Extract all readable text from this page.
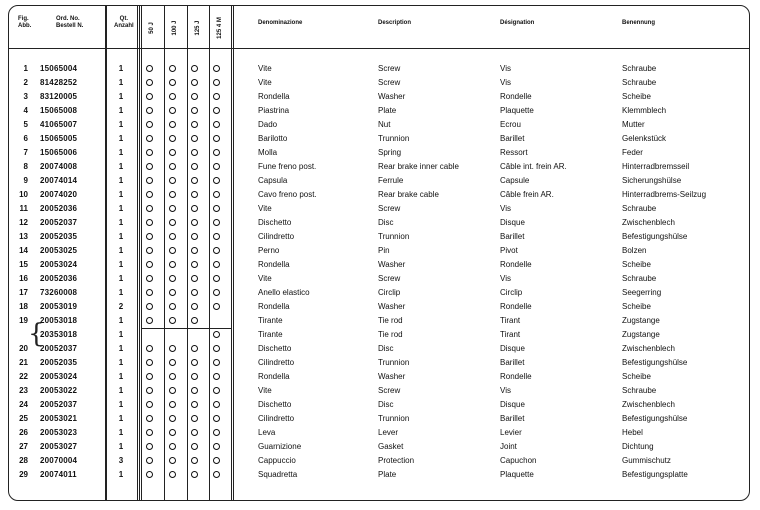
Fig.
Abb.
Ord. No.
Bestell N.
Qt.
Anzahl	50 J	100 J	125 J	125 4 M	Denominazione	Description	Désignation	Benennung
{
1 15065004	1	Vite	Screw	Vis	Schraube
2 81428252	1	Vite	Screw	Vis	Schraube
3 83120005	1	Rondella	Washer	Rondelle	Scheibe
4 15065008	1	Piastrina	Plate	Plaquette	Klemmblech
5 41065007	1	Dado	Nut	Ecrou	Mutter
6 15065005	1	Barilotto	Trunnion	Barillet	Gelenkstück
7 15065006	1	Molla	Spring	Ressort	Feder
8 20074008	1	Fune freno post.	Rear brake inner cable	Câble int. frein AR.	Hinterradbremsseil
9 20074014	1	Capsula	Ferrule	Capsule	Sicherungshülse
10 20074020	1	Cavo freno post.	Rear brake cable	Câble frein AR.	Hinterradbrems-Seilzug
11 20052036	1	Vite	Screw	Vis	Schraube
12 20052037	1	Dischetto	Disc	Disque	Zwischenblech
13 20052035	1	Cilindretto	Trunnion	Barillet	Befestigungshülse
14 20053025	1	Perno	Pin	Pivot	Bolzen
15 20053024	1	Rondella	Washer	Rondelle	Scheibe
16 20052036	1	Vite	Screw	Vis	Schraube
17 73260008	1	Anello elastico	Circlip	Circlip	Seegerring
18 20053019	2	Rondella	Washer	Rondelle	Scheibe
19 20053018	1	Tirante	Tie rod	Tirant	Zugstange
20353018	1	Tirante	Tie rod	Tirant	Zugstange
20 20052037	1	Dischetto	Disc	Disque	Zwischenblech
21 20052035	1	Cilindretto	Trunnion	Barillet	Befestigungshülse
22 20053024	1	Rondella	Washer	Rondelle	Scheibe
23 20053022	1	Vite	Screw	Vis	Schraube
24 20052037	1	Dischetto	Disc	Disque	Zwischenblech
25 20053021	1	Cilindretto	Trunnion	Barillet	Befestigungshülse
26 20053023	1	Leva	Lever	Levier	Hebel
27 20053027	1	Guarnizione	Gasket	Joint	Dichtung
28 20070004	3	Cappuccio	Protection	Capuchon	Gummischutz
29 20074011	1	Squadretta	Plate	Plaquette	Befestigungsplatte
